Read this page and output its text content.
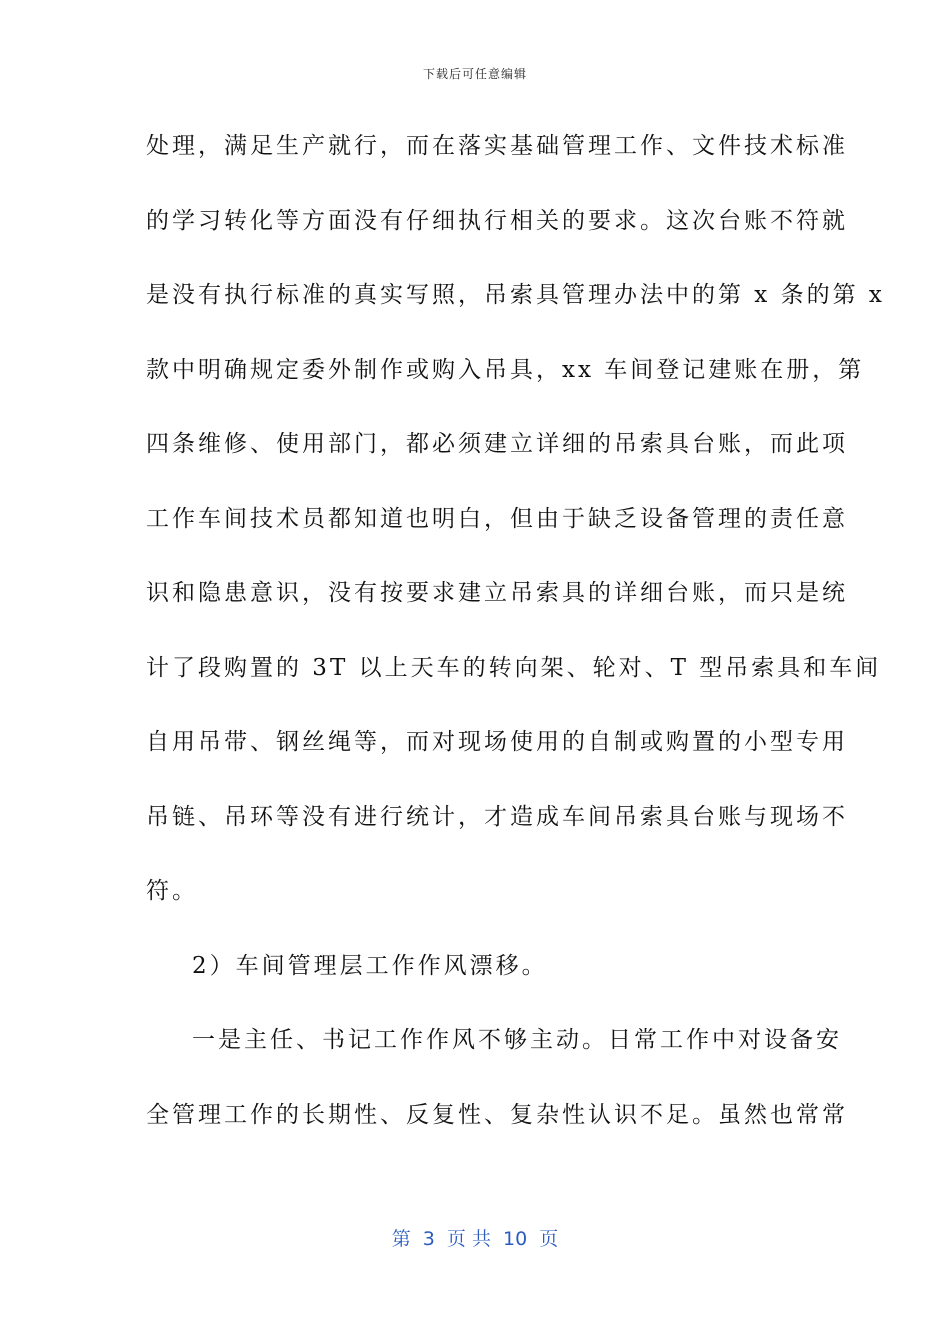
下载后可任意编辑
处理，满足生产就行，而在落实基础管理工作、文件技术标准
的学习转化等方面没有仔细执行相关的要求。这次台账不符就
是没有执行标准的真实写照，吊索具管理办法中的第 x 条的第 x
款中明确规定委外制作或购入吊具，xx 车间登记建账在册，第
四条维修、使用部门，都必须建立详细的吊索具台账，而此项
工作车间技术员都知道也明白，但由于缺乏设备管理的责任意
识和隐患意识，没有按要求建立吊索具的详细台账，而只是统
计了段购置的 3T 以上天车的转向架、轮对、T 型吊索具和车间
自用吊带、钢丝绳等，而对现场使用的自制或购置的小型专用
吊链、吊环等没有进行统计，才造成车间吊索具台账与现场不
符。
2）车间管理层工作作风漂移。
一是主任、书记工作作风不够主动。日常工作中对设备安
全管理工作的长期性、反复性、复杂性认识不足。虽然也常常
第  3  页 共  10  页
